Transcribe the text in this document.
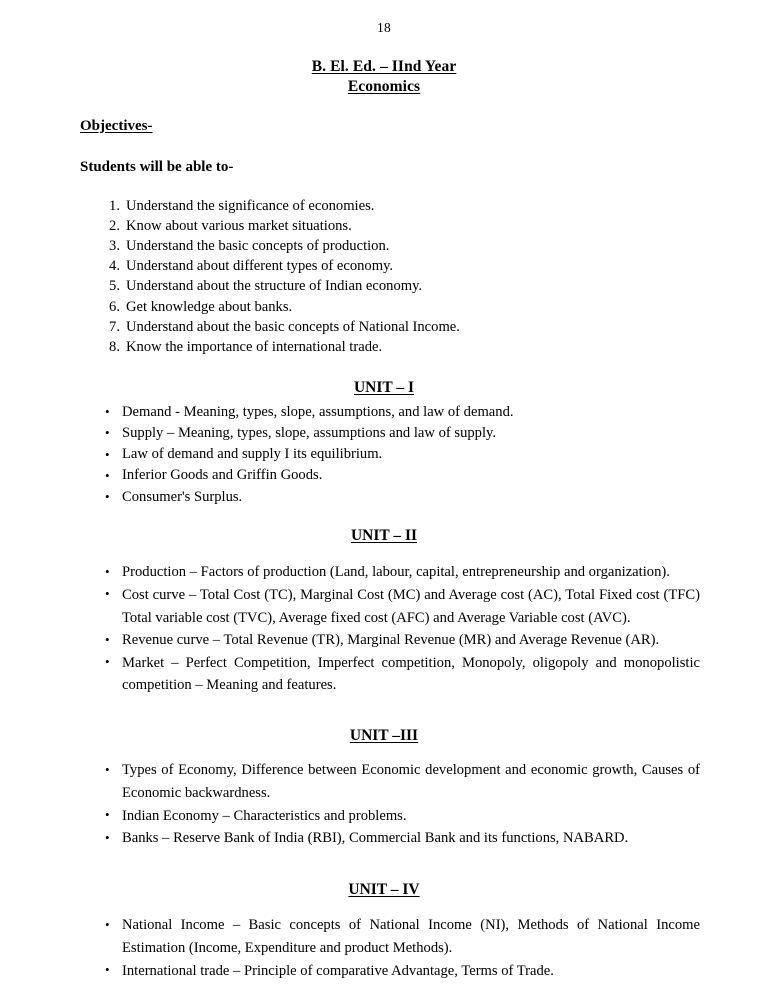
18
B. El. Ed. – IInd Year
Economics
Objectives-
Students will be able to-
1. Understand the significance of economies.
2. Know about various market situations.
3. Understand the basic concepts of production.
4. Understand about different types of economy.
5. Understand about the structure of Indian economy.
6. Get knowledge about banks.
7. Understand about the basic concepts of National Income.
8. Know the importance of international trade.
UNIT – I
• Demand - Meaning, types, slope, assumptions, and law of demand.
• Supply – Meaning, types, slope, assumptions and law of supply.
• Law of demand and supply I its equilibrium.
• Inferior Goods and Griffin Goods.
• Consumer's Surplus.
UNIT – II
• Production – Factors of production (Land, labour, capital, entrepreneurship and organization).
• Cost curve – Total Cost (TC), Marginal Cost (MC) and Average cost (AC), Total Fixed cost (TFC) Total variable cost (TVC), Average fixed cost (AFC) and Average Variable cost (AVC).
• Revenue curve – Total Revenue (TR), Marginal Revenue (MR) and Average Revenue (AR).
• Market – Perfect Competition, Imperfect competition, Monopoly, oligopoly and monopolistic competition – Meaning and features.
UNIT –III
• Types of Economy, Difference between Economic development and economic growth, Causes of Economic backwardness.
• Indian Economy – Characteristics and problems.
• Banks – Reserve Bank of India (RBI), Commercial Bank and its functions, NABARD.
UNIT – IV
• National Income – Basic concepts of National Income (NI), Methods of National Income Estimation (Income, Expenditure and product Methods).
• International trade – Principle of comparative Advantage, Terms of Trade.
